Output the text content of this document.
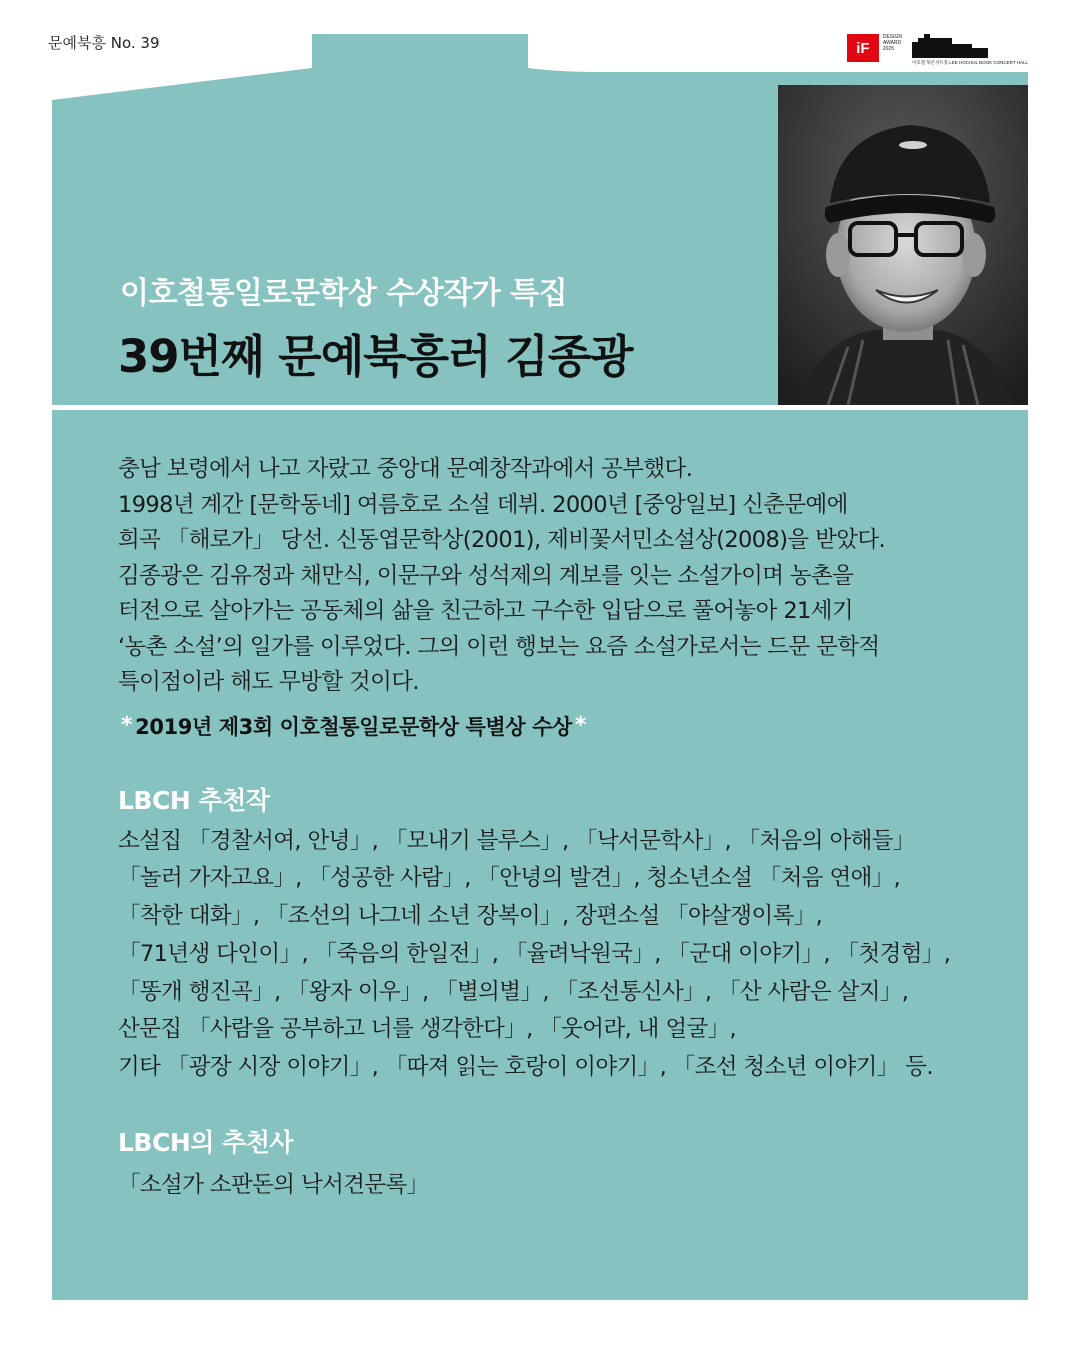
문예북흥 No. 39	iF
DESIGN
AWARD
2025
이호철 북콘서트홀 LEE HOCHUL BOOK CONCERT HALL
이호철통일로문학상 수상작가 특집
39번째 문예북흥러 김종광

충남 보령에서 나고 자랐고 중앙대 문예창작과에서 공부했다.

1998년 계간 [문학동네] 여름호로 소설 데뷔. 2000년 [중앙일보] 신춘문예에

희곡 「해로가」 당선. 신동엽문학상(2001), 제비꽃서민소설상(2008)을 받았다.

김종광은 김유정과 채만식, 이문구와 성석제의 계보를 잇는 소설가이며 농촌을

터전으로 살아가는 공동체의 삶을 친근하고 구수한 입담으로 풀어놓아 21세기

‘농촌 소설’의 일가를 이루었다. 그의 이런 행보는 요즘 소설가로서는 드문 문학적

특이점이라 해도 무방할 것이다.

* 2019년 제3회 이호철통일로문학상 특별상 수상 *
LBCH 추천작

소설집 「경찰서여, 안녕」, 「모내기 블루스」, 「낙서문학사」, 「처음의 아해들」

「놀러 가자고요」, 「성공한 사람」, 「안녕의 발견」, 청소년소설 「처음 연애」,

「착한 대화」, 「조선의 나그네 소년 장복이」, 장편소설 「야살쟁이록」,

「71년생 다인이」, 「죽음의 한일전」, 「율려낙원국」, 「군대 이야기」, 「첫경험」,

「똥개 행진곡」, 「왕자 이우」, 「별의별」, 「조선통신사」, 「산 사람은 살지」,

산문집 「사람을 공부하고 너를 생각한다」, 「웃어라, 내 얼굴」,

기타 「광장 시장 이야기」, 「따져 읽는 호랑이 이야기」, 「조선 청소년 이야기」 등.

LBCH의 추천사
「소설가 소판돈의 낙서견문록」
